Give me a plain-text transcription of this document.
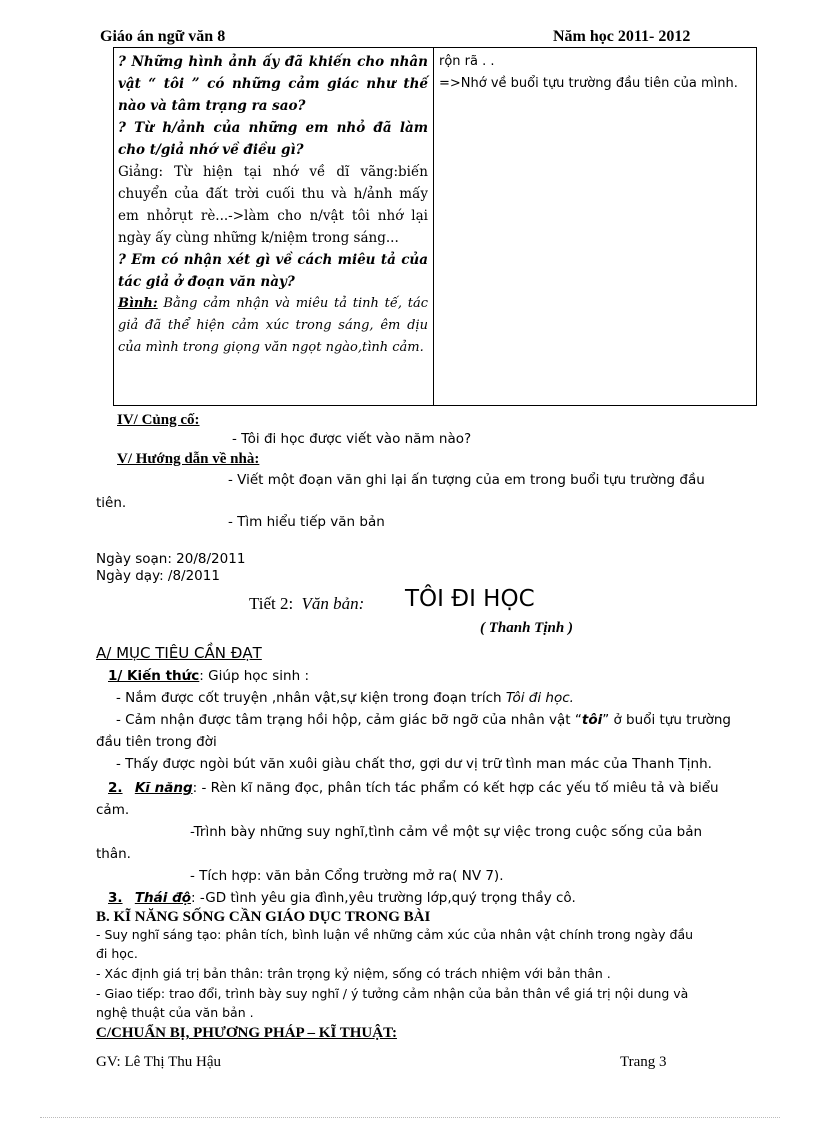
Giáo án ngữ văn 8	Năm học 2011- 2012
? Những hình ảnh ấy đã khiến cho nhân vật “ tôi ” có những cảm giác như thế nào và tâm trạng ra sao?
? Từ h/ảnh của những em nhỏ đã làm cho t/giả nhớ về điều gì?
Giảng: Từ hiện tại nhớ về dĩ vãng:biến chuyển của đất trời cuối thu và h/ảnh mấy em nhỏrụt rè...->làm cho n/vật tôi nhớ lại ngày ấy cùng những k/niệm trong sáng...
? Em có nhận xét gì về cách miêu tả của tác giả ở đoạn văn này?
Bình: Bằng cảm nhận và miêu tả tinh tế, tác giả đã thể hiện cảm xúc trong sáng, êm dịu của mình trong giọng văn ngọt ngào,tình cảm.
rộn rã . .
=>Nhớ về buổi tựu trường đầu tiên của mình.
IV/ Củng cố:
- Tôi đi học được viết vào năm nào?
V/ Hướng dẫn về nhà:
- Viết một đoạn văn ghi lại ấn tượng của em trong buổi tựu trường đầu
tiên.
- Tìm hiểu tiếp văn bản
Ngày soạn: 20/8/2011
Ngày dạy: /8/2011
Tiết 2: Văn bản: TÔI ĐI HỌC
( Thanh Tịnh )
A/ MỤC TIÊU CẦN ĐẠT
1/ Kiến thức: Giúp học sinh :
- Nắm được cốt truyện ,nhân vật,sự kiện trong đoạn trích Tôi đi học.
- Cảm nhận được tâm trạng hồi hộp, cảm giác bỡ ngỡ của nhân vật “tôi” ở buổi tựu trường
đầu tiên trong đời
- Thấy được ngòi bút văn xuôi giàu chất thơ, gợi dư vị trữ tình man mác của Thanh Tịnh.
2. Kĩ năng: - Rèn kĩ năng đọc, phân tích tác phẩm có kết hợp các yếu tố miêu tả và biểu
cảm.
-Trình bày những suy nghĩ,tình cảm về một sự việc trong cuộc sống của bản
thân.
- Tích hợp: văn bản Cổng trường mở ra( NV 7).
3. Thái độ: -GD tình yêu gia đình,yêu trường lớp,quý trọng thầy cô.
B. KĨ NĂNG SỐNG CẦN GIÁO DỤC TRONG BÀI
- Suy nghĩ sáng tạo: phân tích, bình luận về những cảm xúc của nhân vật chính trong ngày đầu
đi học.
- Xác định giá trị bản thân: trân trọng kỷ niệm, sống có trách nhiệm với bản thân .
- Giao tiếp: trao đổi, trình bày suy nghĩ / ý tưởng cảm nhận của bản thân về giá trị nội dung và
nghệ thuật của văn bản .
C/CHUẨN BỊ, PHƯƠNG PHÁP – KĨ THUẬT:
GV: Lê Thị Thu Hậu	Trang 3
